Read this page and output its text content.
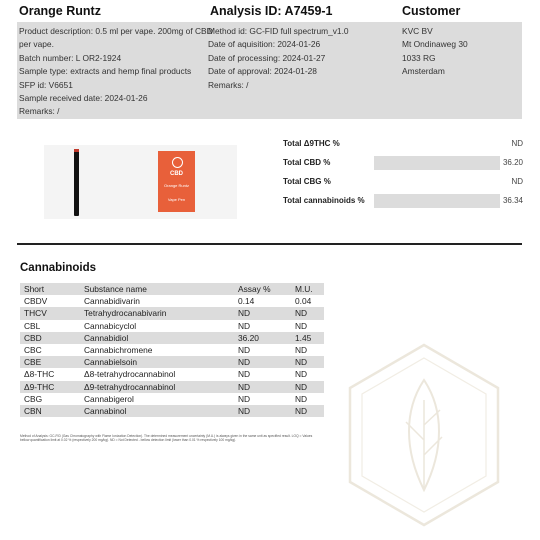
Orange Runtz	Analysis ID: A7459-1	Customer
Product description: 0.5 ml per vape. 200mg of CBD
per vape.
Batch number: L OR2-1924
Sample type: extracts and hemp final products
SFP id: V6651
Sample received date: 2024-01-26
Remarks: /
Method id: GC-FID full spectrum_v1.0
Date of aquisition: 2024-01-26
Date of processing: 2024-01-27
Date of approval: 2024-01-28
Remarks: /
KVC BV
Mt Ondinaweg 30
1033 RG
Amsterdam
CBD
Orange Runtz
Vape Pen
Total Δ9THC %	ND
Total CBD %	36.20
Total CBG %	ND
Total cannabinoids %	36.34
Cannabinoids
Short	Substance name	Assay %	M.U.
CBDV	Cannabidivarin	0.14	0.04
THCV	Tetrahydrocanabivarin	ND	ND
CBL	Cannabicyclol	ND	ND
CBD	Cannabidiol	36.20	1.45
CBC	Cannabichromene	ND	ND
CBE	Cannabielsoin	ND	ND
Δ8-THC	Δ8-tetrahydrocannabinol	ND	ND
Δ9-THC	Δ9-tetrahydrocannabinol	ND	ND
CBG	Cannabigerol	ND	ND
CBN	Cannabinol	ND	ND
Method of Analysis: GC-FID (Gas Chromatography with Flame Ionization Detection). The determined measurement uncertainty (M.U.) is always given in the same unit as specified result. LOQ = Values bellow quantification limit at 0.02 % (respectively 200 mg/kg). ND = Not Detected - bellow detection limit (lower than 0.01 % respectively 100 mg/kg).
